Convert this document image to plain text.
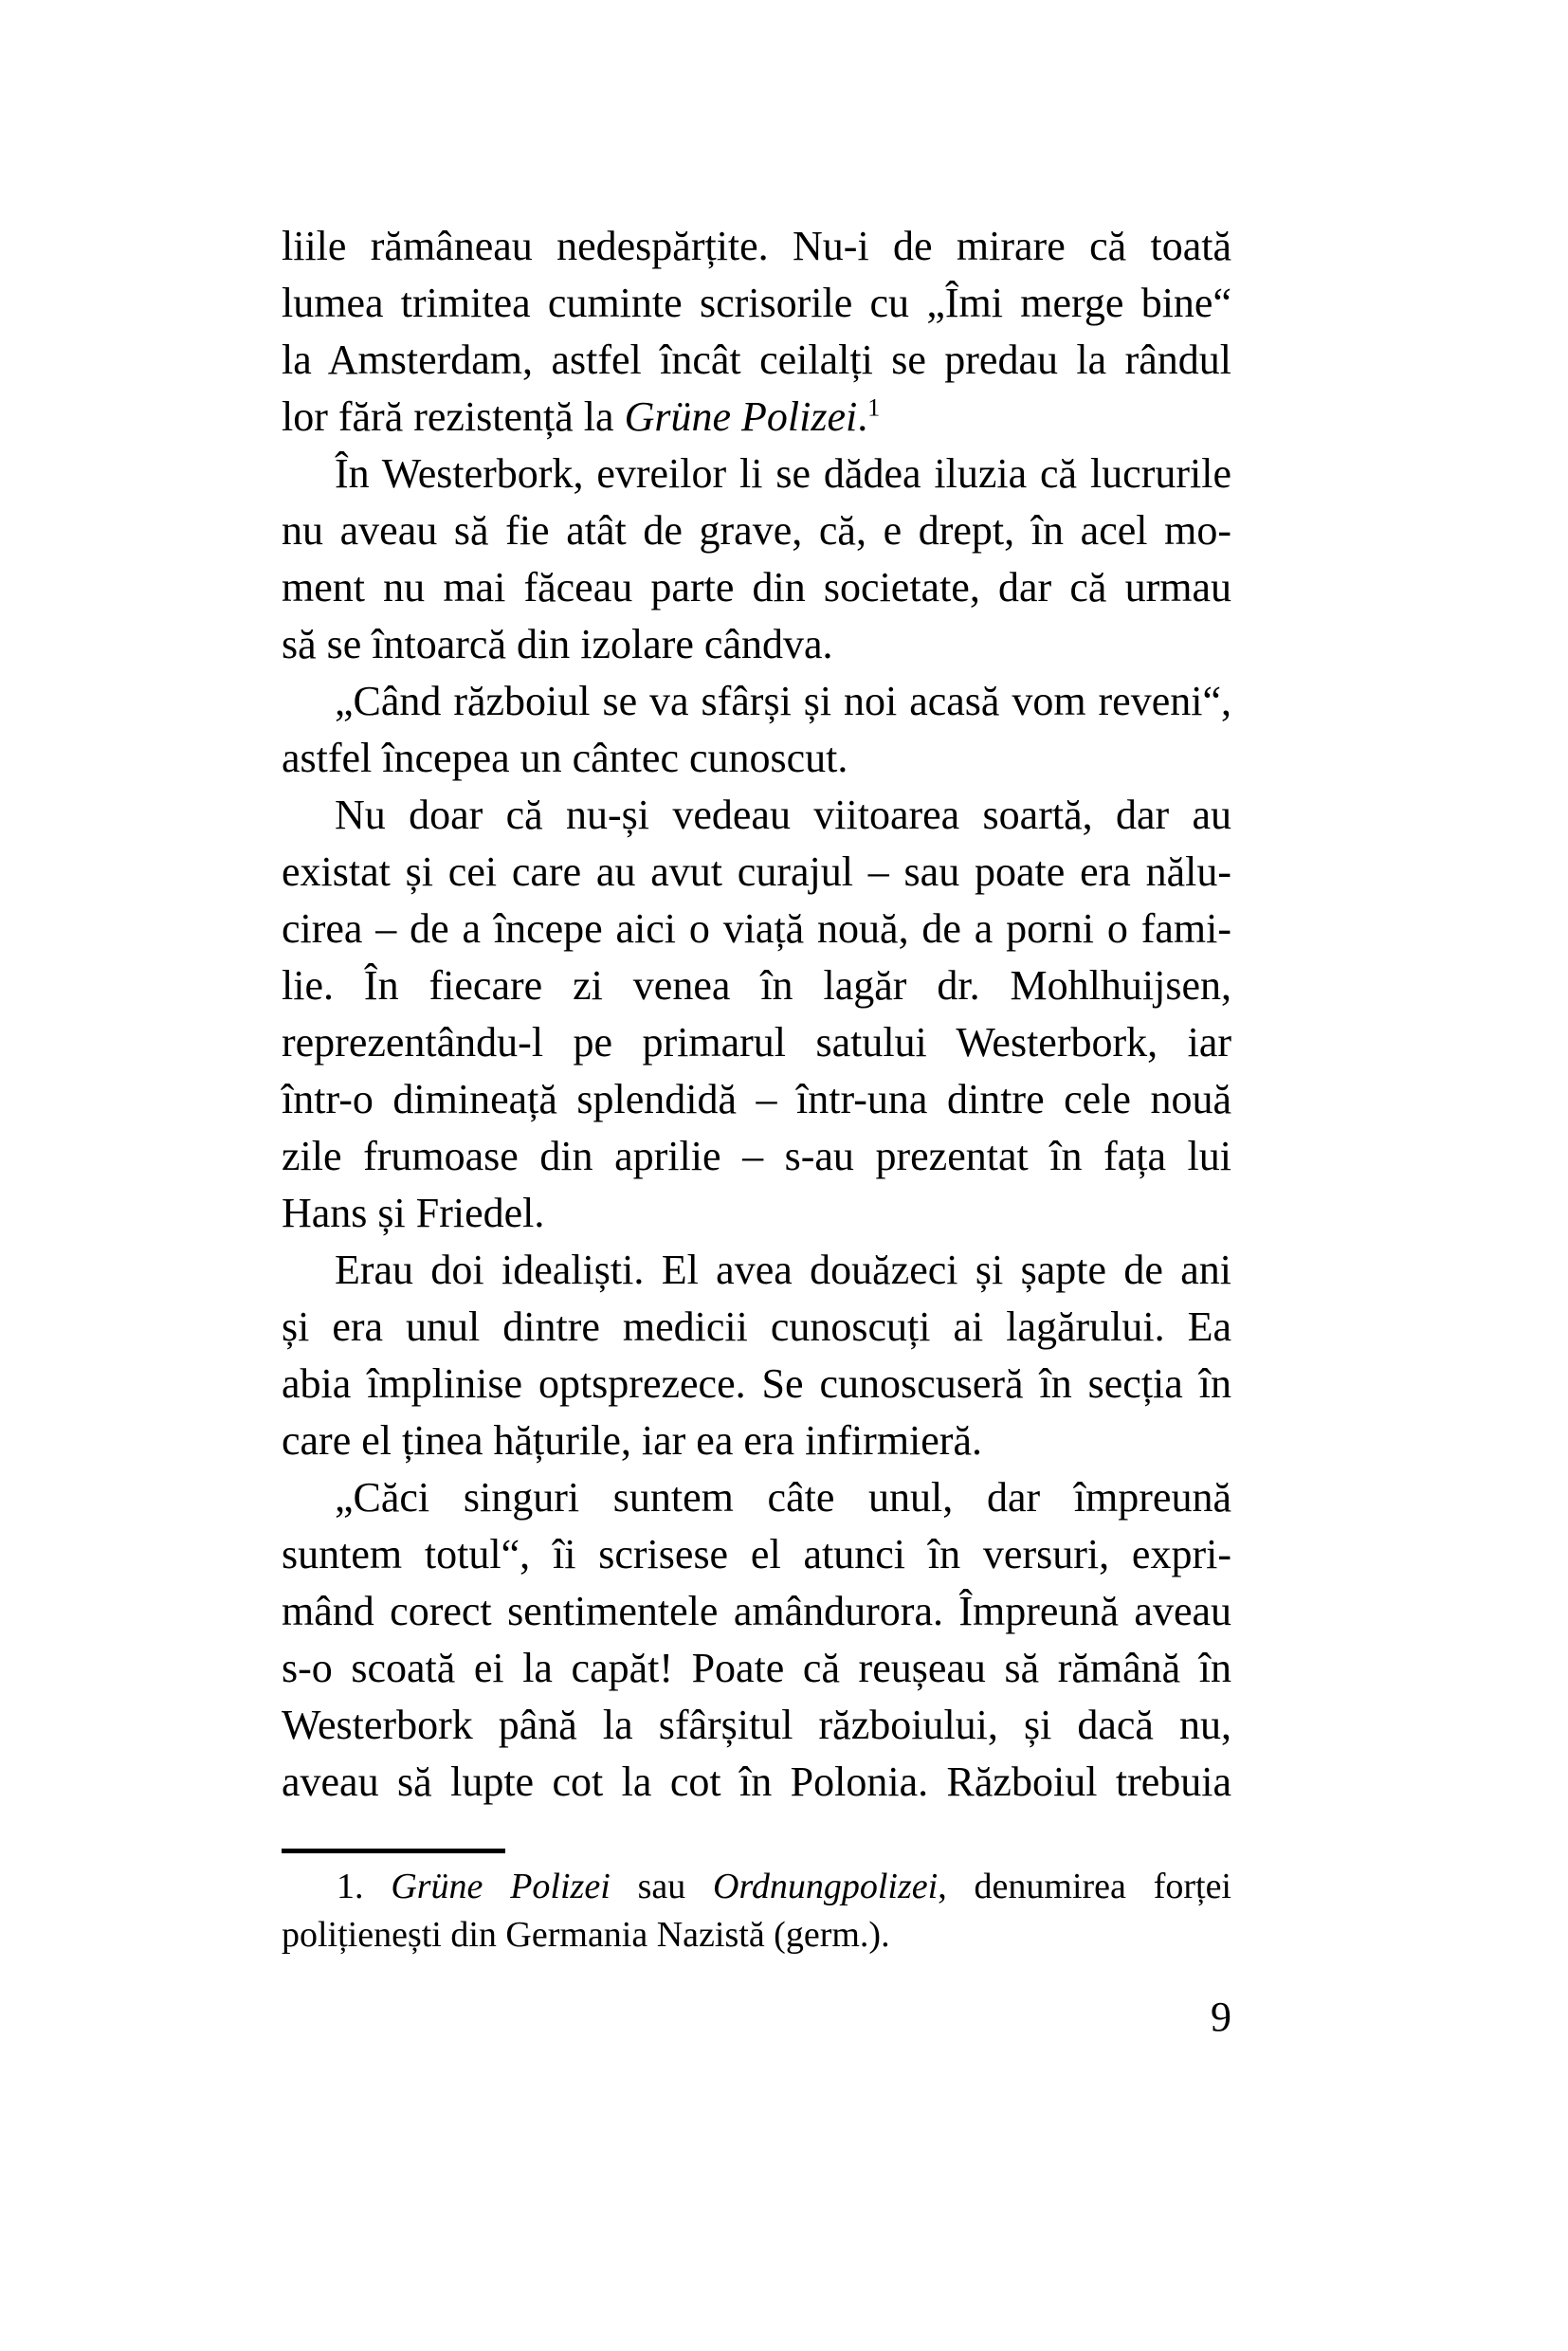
liile rămâneau nedespărțite. Nu-i de mirare că toată
lumea trimitea cuminte scrisorile cu „Îmi merge bine“
la Amsterdam, astfel încât ceilalți se predau la rândul
lor fără rezistență la Grüne Polizei.$^1$
În Westerbork, evreilor li se dădea iluzia că lucrurile
nu aveau să fie atât de grave, că, e drept, în acel mo-
ment nu mai făceau parte din societate, dar că urmau
să se întoarcă din izolare cândva.
„Când războiul se va sfârși și noi acasă vom reveni“,
astfel începea un cântec cunoscut.
Nu doar că nu-și vedeau viitoarea soartă, dar au
existat și cei care au avut curajul – sau poate era nălu-
cirea – de a începe aici o viață nouă, de a porni o fami-
lie. În fiecare zi venea în lagăr dr. Mohlhuijsen,
reprezentându-l pe primarul satului Westerbork, iar
într-o dimineață splendidă – într-una dintre cele nouă
zile frumoase din aprilie – s-au prezentat în fața lui
Hans și Friedel.
Erau doi idealiști. El avea douăzeci și șapte de ani
și era unul dintre medicii cunoscuți ai lagărului. Ea
abia împlinise optsprezece. Se cunoscuseră în secția în
care el ținea hățurile, iar ea era infirmieră.
„Căci singuri suntem câte unul, dar împreună
suntem totul“, îi scrisese el atunci în versuri, expri-
mând corect sentimentele amândurora. Împreună aveau
s-o scoată ei la capăt! Poate că reușeau să rămână în
Westerbork până la sfârșitul războiului, și dacă nu,
aveau să lupte cot la cot în Polonia. Războiul trebuia
1. Grüne Polizei sau Ordnungpolizei, denumirea forței
polițienești din Germania Nazistă (germ.).
9
